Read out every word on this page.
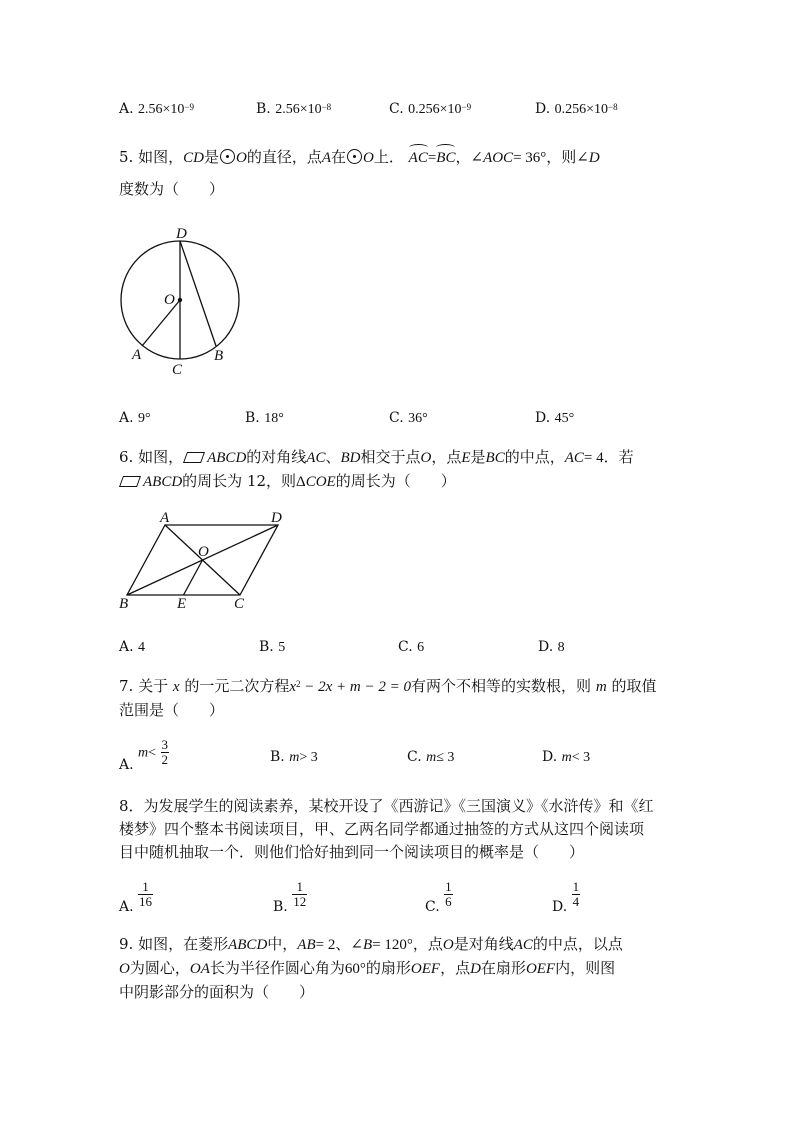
A. $2.56\times 10^{-9}$	B. $2.56\times 10^{-8}$	C. $0.256\times 10^{-9}$	D. $0.256\times 10^{-8}$
5. 如图，CD是 O的直径，点A在 O上． AC=BC，∠AOC= 36°，则∠D
度数为（　　）
D
O
A
C
B
A. 9°	B. 18°	C. 36°	D. 45°
6. 如图， ABCD的对角线AC、BD相交于点O，点E是BC的中点，AC= 4．若
ABCD的周长为 12，则ΔCOE的周长为（　　）
A	D
O
B	E	C
A. 4	B. 5	C. 6	D. 8
7. 关于 x 的一元二次方程$x^2 - 2x + m - 2 = 0$有两个不相等的实数根，则 m 的取值
范围是（　　）
A. $m< \frac{3}{2}$	B. m> 3	C. m≤ 3	D. m< 3
8．为发展学生的阅读素养，某校开设了《西游记》《三国演义》《水浒传》和《红
楼梦》四个整本书阅读项目，甲、乙两名同学都通过抽签的方式从这四个阅读项
目中随机抽取一个．则他们恰好抽到同一个阅读项目的概率是（　　）
A. $\frac{1}{16}$	B. $\frac{1}{12}$	C. $\frac{1}{6}$	D. $\frac{1}{4}$
9. 如图，在菱形ABCD中，AB= 2、∠B= 120°，点O是对角线AC的中点，以点
O为圆心，OA长为半径作圆心角为60°的扇形OEF，点D在扇形OEF内，则图
中阴影部分的面积为（　　）
